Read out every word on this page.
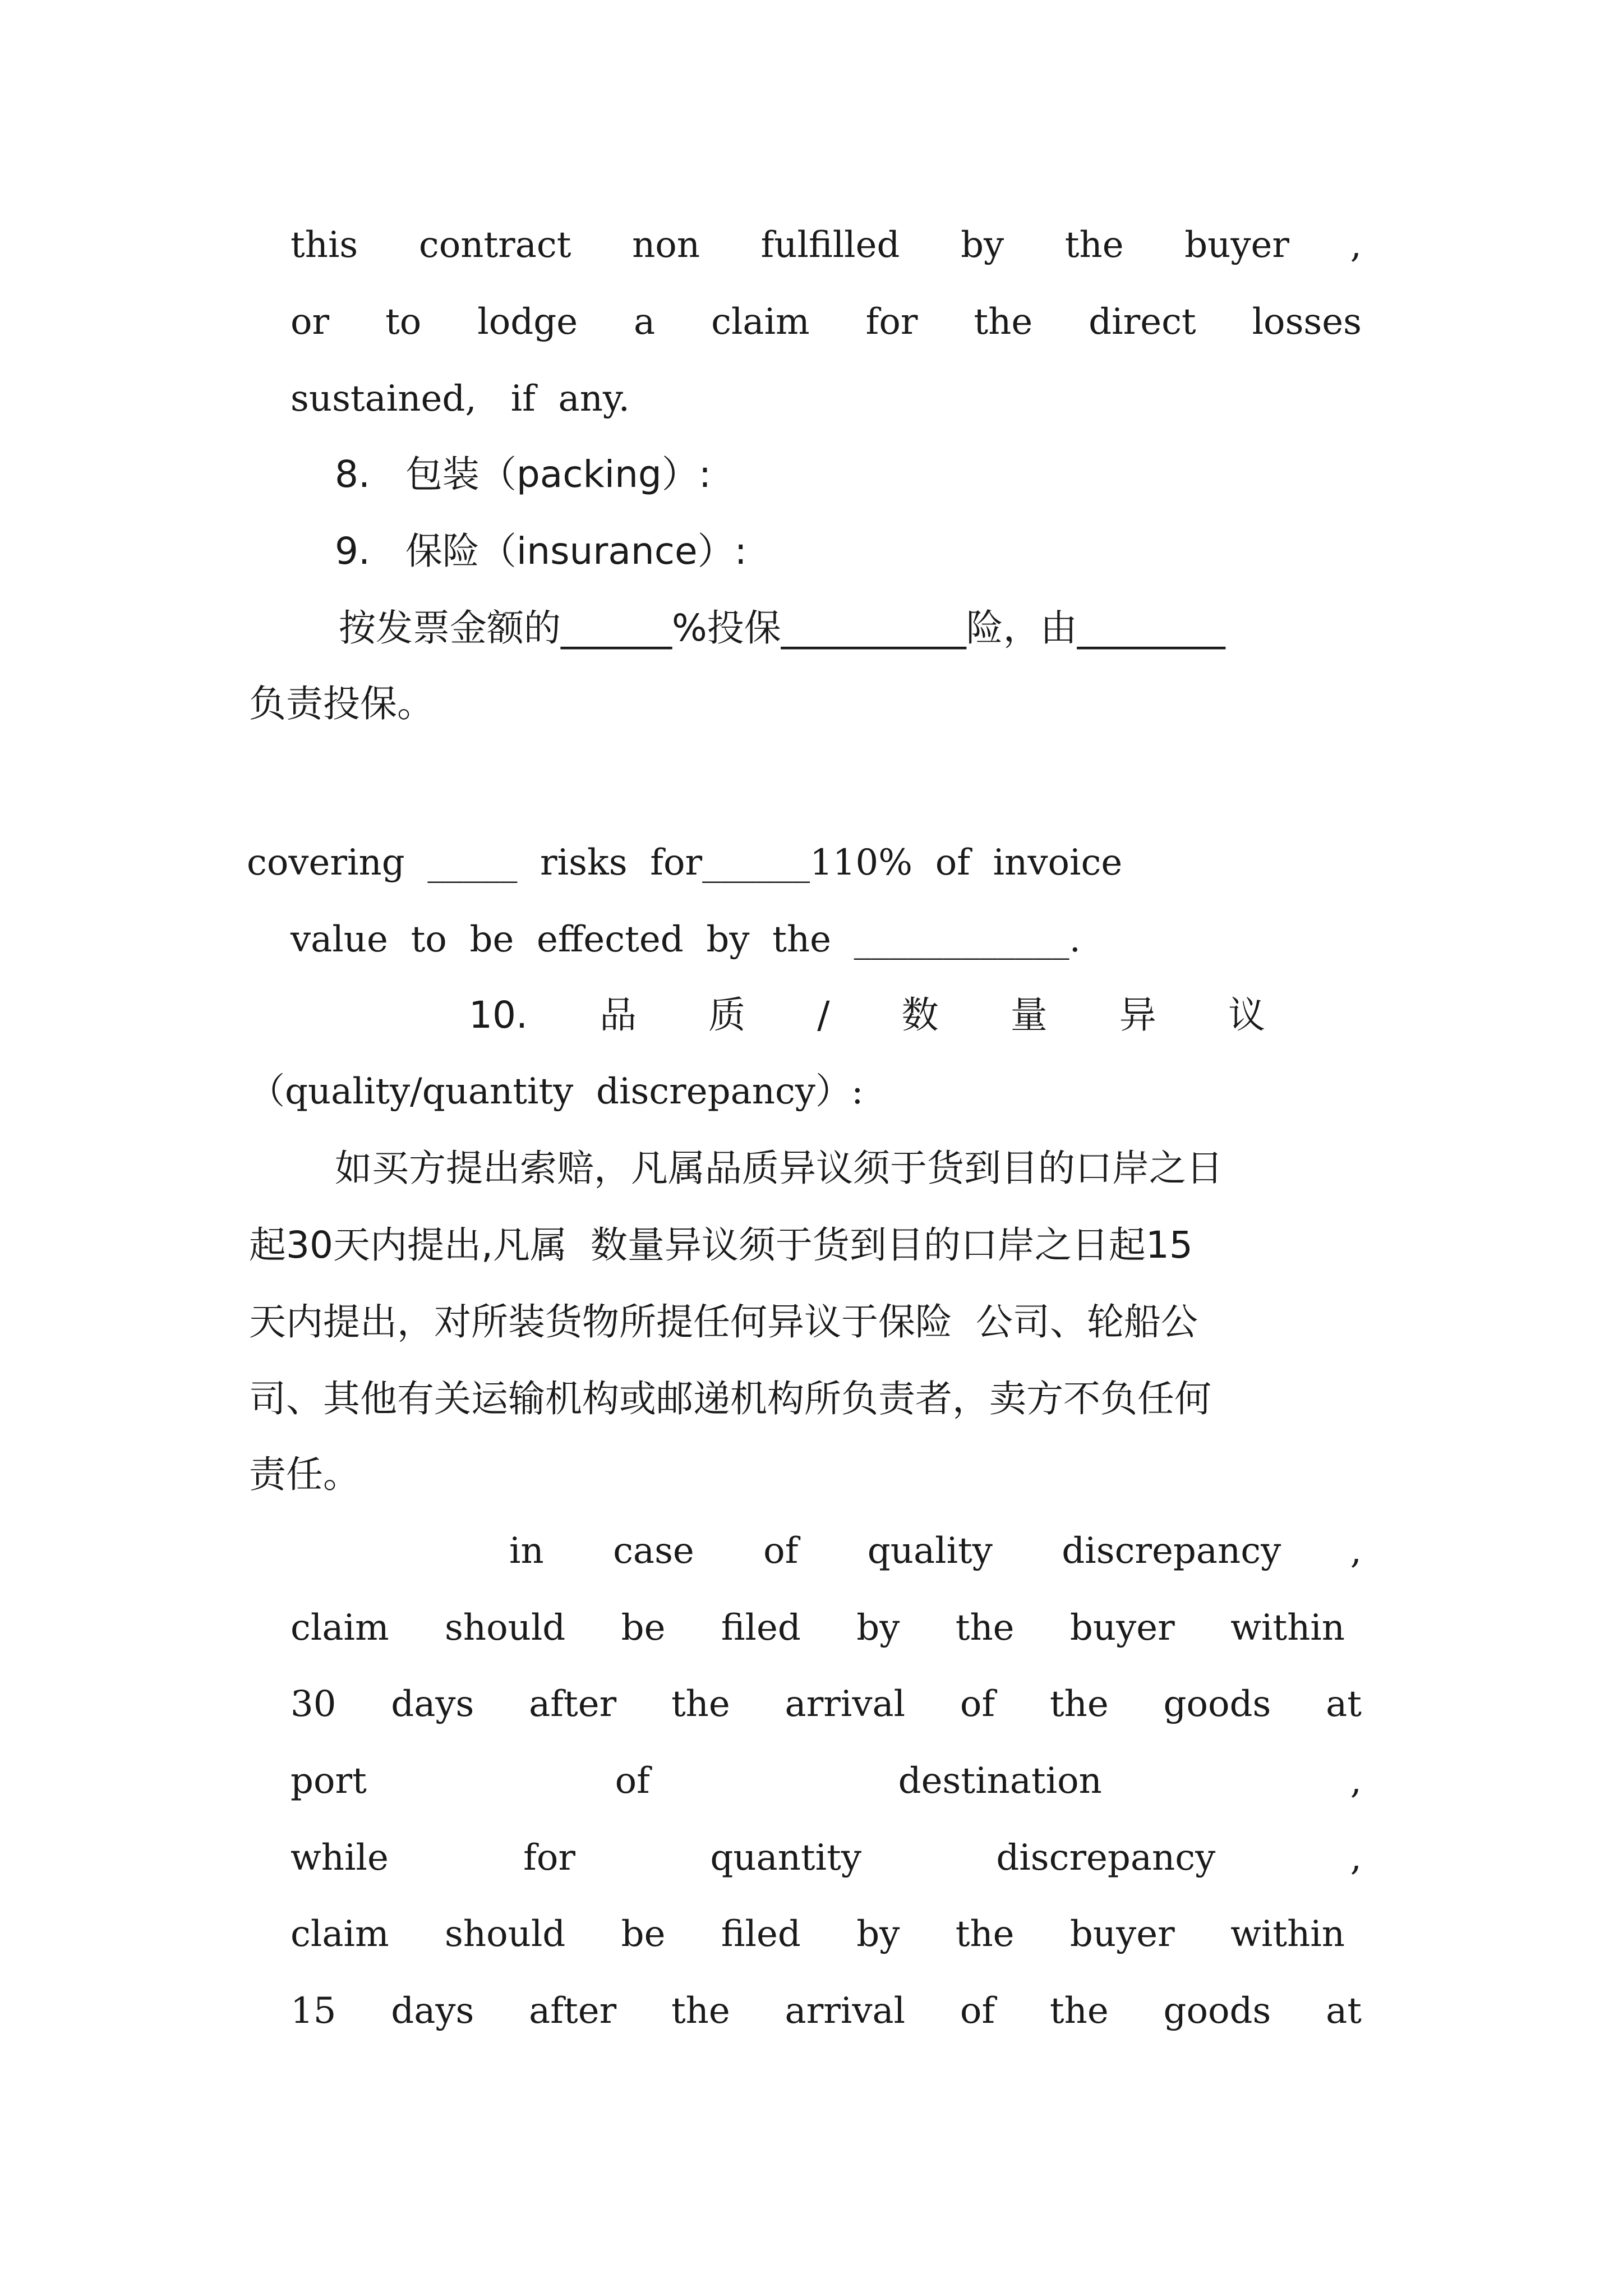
this contract non fulfilled by the buyer ,
or to lodge a claim for the direct losses
sustained,   if  any.
8.   包装（packing）:
9.   保险（insurance）:
按发票金额的______%投保__________险，由________
负责投保。
covering  _____  risks  for______110%  of  invoice
value  to  be  effected  by  the  ____________.
10. 品 质 / 数 量 异 议
（quality/quantity  discrepancy）:
如买方提出索赔，凡属品质异议须于货到目的口岸之日
起30天内提出,凡属  数量异议须于货到目的口岸之日起15
天内提出，对所装货物所提任何异议于保险  公司、轮船公
司、其他有关运输机构或邮递机构所负责者，卖方不负任何
责任。
in case of quality discrepancy ,
claim should be filed by the buyer within
30 days after the arrival of the goods at
port	of	destination	,
while	for	quantity	discrepancy	,
claim should be filed by the buyer within
15 days after the arrival of the goods at
